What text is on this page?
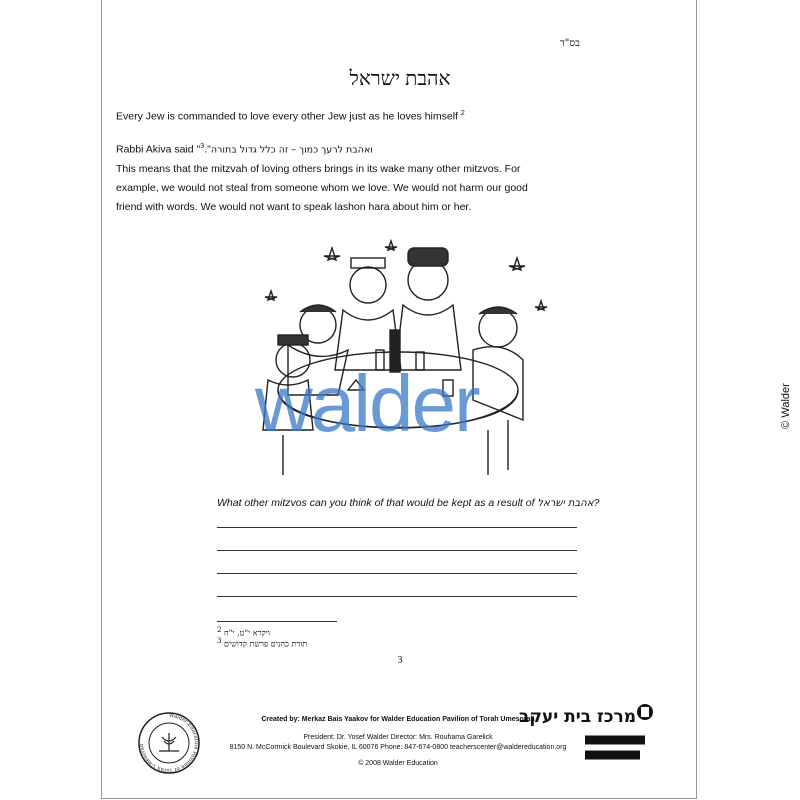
בס"ד
אהבת ישראל
Every Jew is commanded to love every other Jew just as he loves himself $^2$
Rabbi Akiva said " ואהבת לרעך כמוך – זה כלל גדול בתורה".$^3$
This means that the mitzvah of loving others brings in its wake many other mitzvos. For example, we would not steal from someone whom we love. We would not harm our good friend with words. We would not want to speak lashon hara about him or her.
walder
What other mitzvos can you think of that would be kept as a result of אהבת ישראל?
$^2$ ויקרא י"ט, י"ח
$^3$ תורת כהנים פרשת קדושים
3
Created by: Merkaz Bais Yaakov for Walder Education Pavilion of Torah Umesorah
President: Dr. Yosef Walder Director: Mrs. Rouhama Garelick
8150 N. McCormick Boulevard Skokie, IL 60076 Phone: 847-674-0800 teacherscenter@waldereducation.org
© 2008 Walder Education
Walder Education Pavilion of Torah Umesorah
מרכז בית יעקב
© Walder
